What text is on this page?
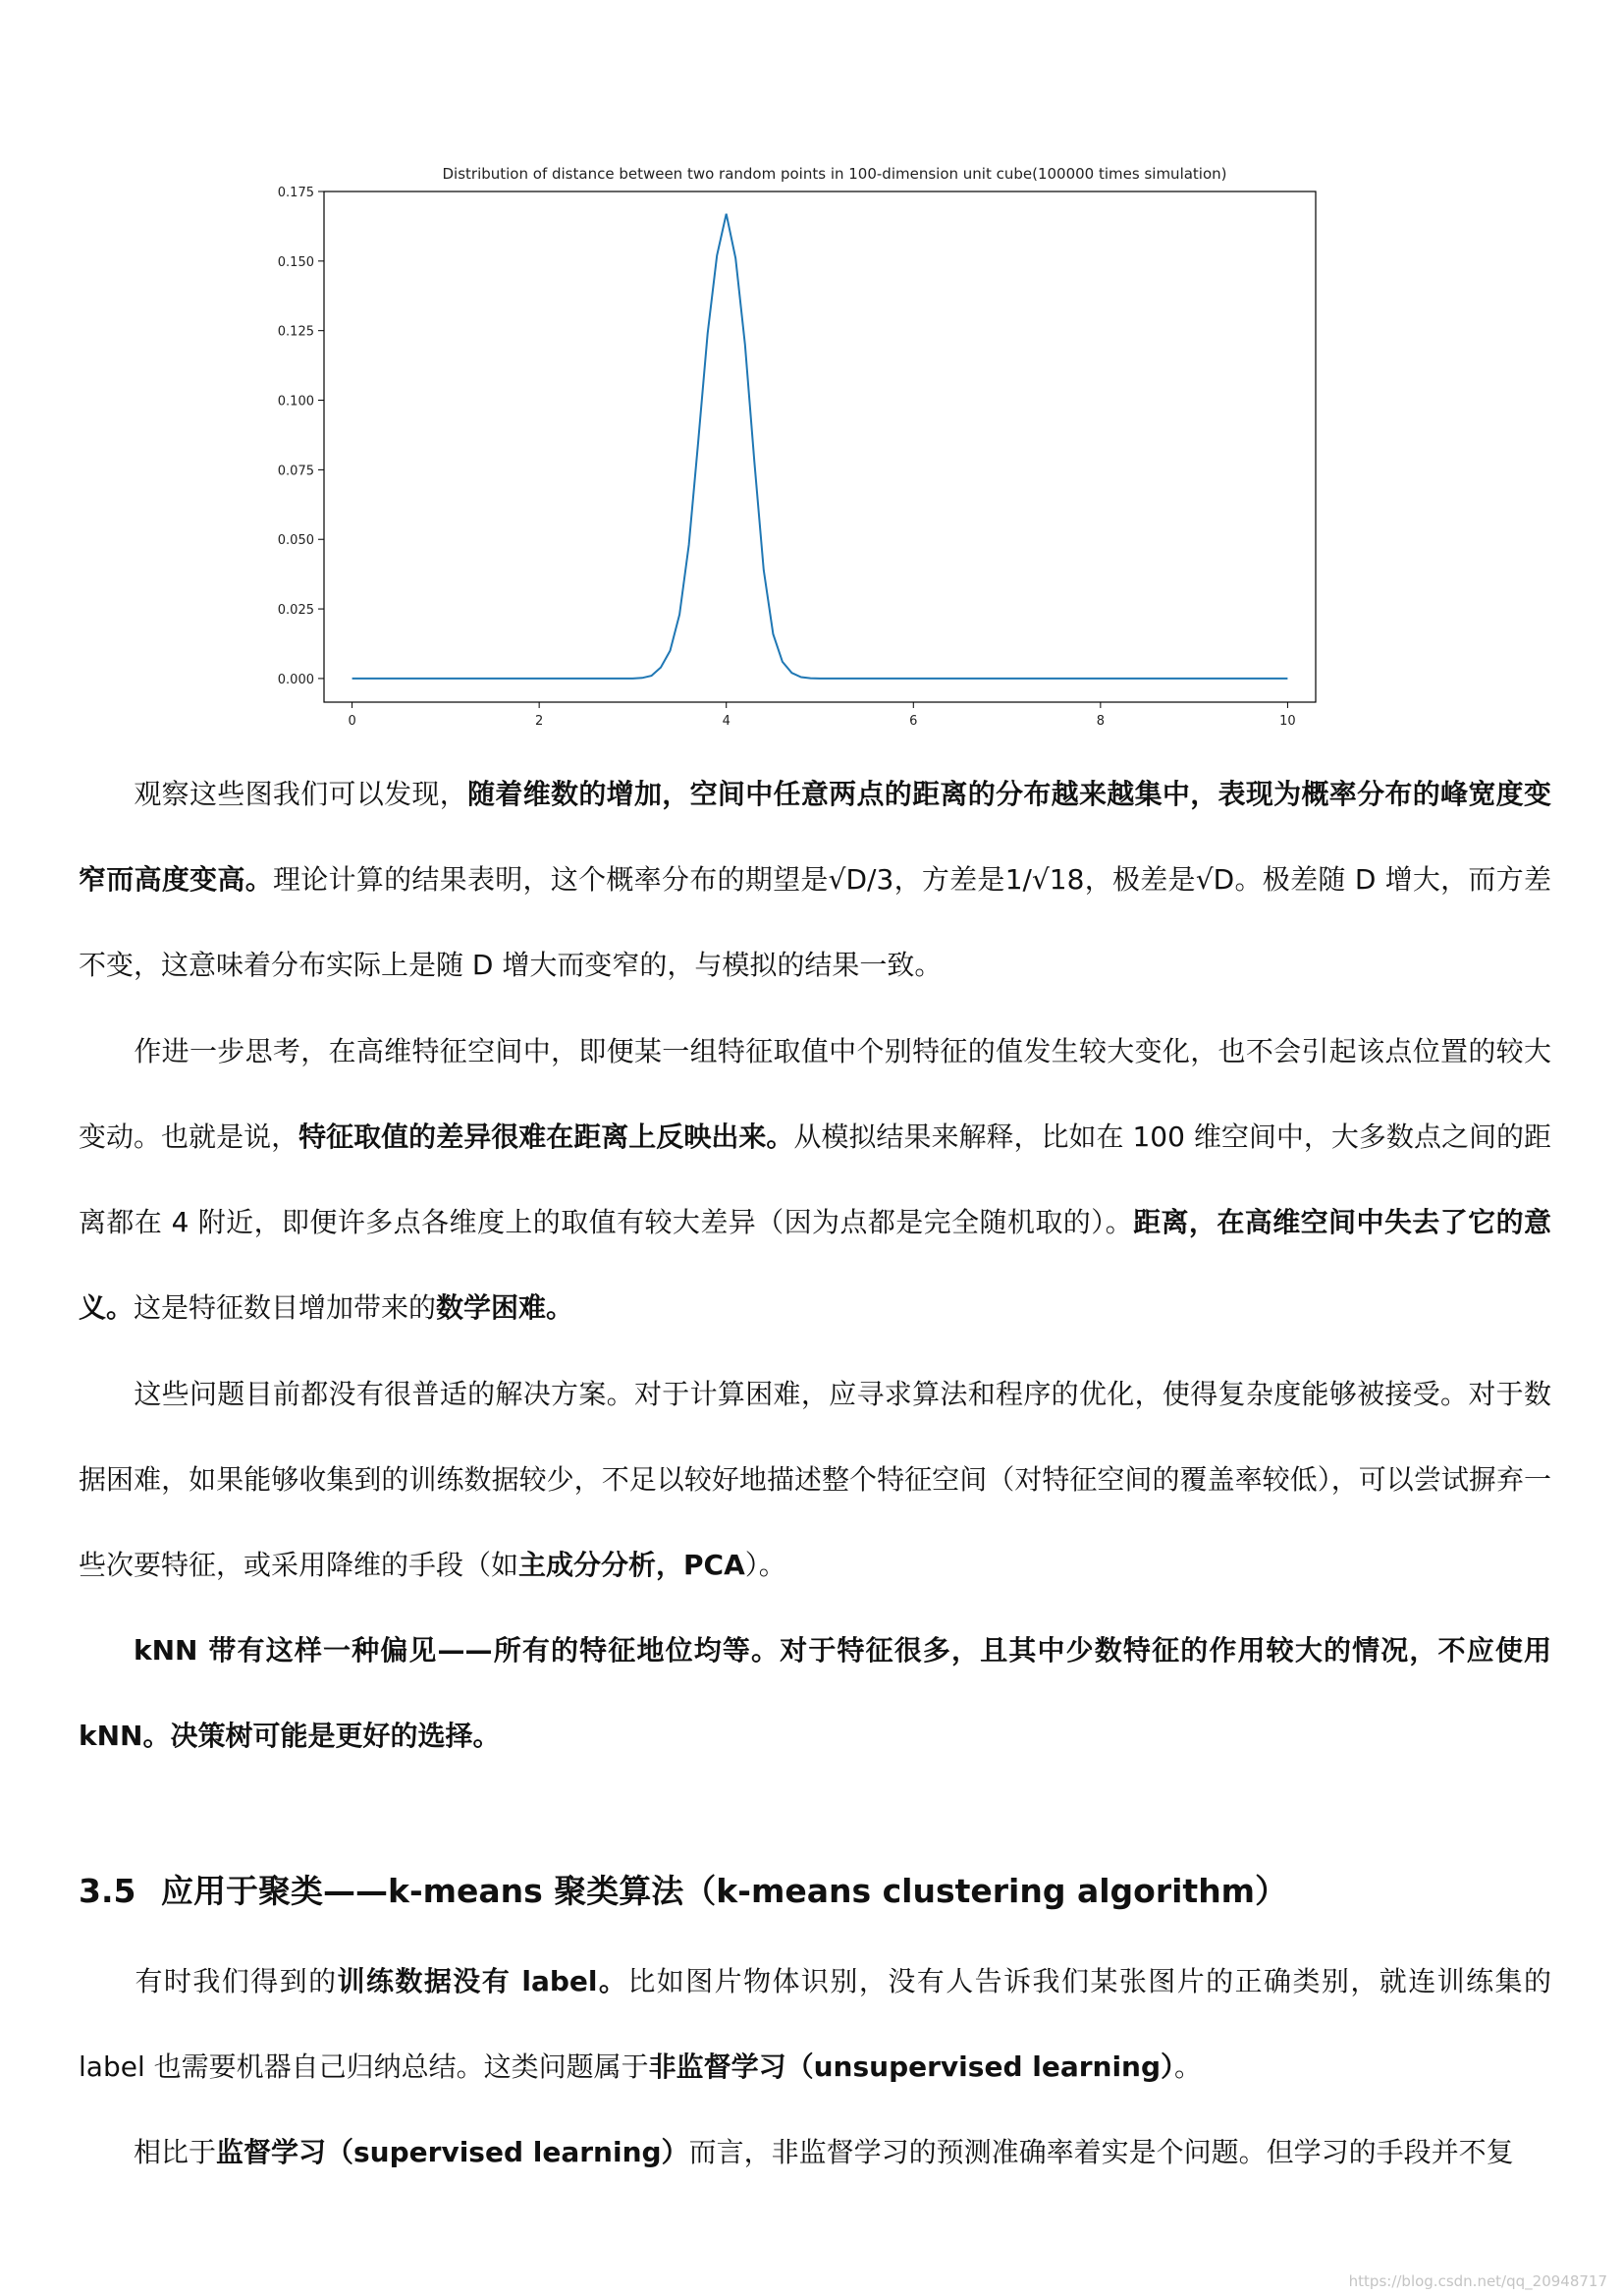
Distribution of distance between two random points in 100-dimension unit cube(100000 times simulation)
0.000
0.025
0.050
0.075
0.100
0.125
0.150
0.175
0	2	4	6	8	10

观察这些图我们可以发现，随着维数的增加，空间中任意两点的距离的分布越来越集中，表现为概率分布的峰宽度变窄而高度变高。理论计算的结果表明，这个概率分布的期望是√D/3，方差是1/√18，极差是√D。极差随 D 增大，而方差不变，这意味着分布实际上是随 D 增大而变窄的，与模拟的结果一致。

作进一步思考，在高维特征空间中，即便某一组特征取值中个别特征的值发生较大变化，也不会引起该点位置的较大变动。也就是说，特征取值的差异很难在距离上反映出来。从模拟结果来解释，比如在 100 维空间中，大多数点之间的距离都在 4 附近，即便许多点各维度上的取值有较大差异（因为点都是完全随机取的）。距离，在高维空间中失去了它的意义。这是特征数目增加带来的数学困难。

这些问题目前都没有很普适的解决方案。对于计算困难，应寻求算法和程序的优化，使得复杂度能够被接受。对于数据困难，如果能够收集到的训练数据较少，不足以较好地描述整个特征空间（对特征空间的覆盖率较低），可以尝试摒弃一些次要特征，或采用降维的手段（如主成分分析，PCA）。

kNN 带有这样一种偏见——所有的特征地位均等。对于特征很多，且其中少数特征的作用较大的情况，不应使用 kNN。决策树可能是更好的选择。

3.5 应用于聚类——k-means 聚类算法（k-means clustering algorithm）

有时我们得到的训练数据没有 label。比如图片物体识别，没有人告诉我们某张图片的正确类别，就连训练集的 label 也需要机器自己归纳总结。这类问题属于非监督学习（unsupervised learning）。

相比于监督学习（supervised learning）而言，非监督学习的预测准确率着实是个问题。但学习的手段并不复

https://blog.csdn.net/qq_20948717
